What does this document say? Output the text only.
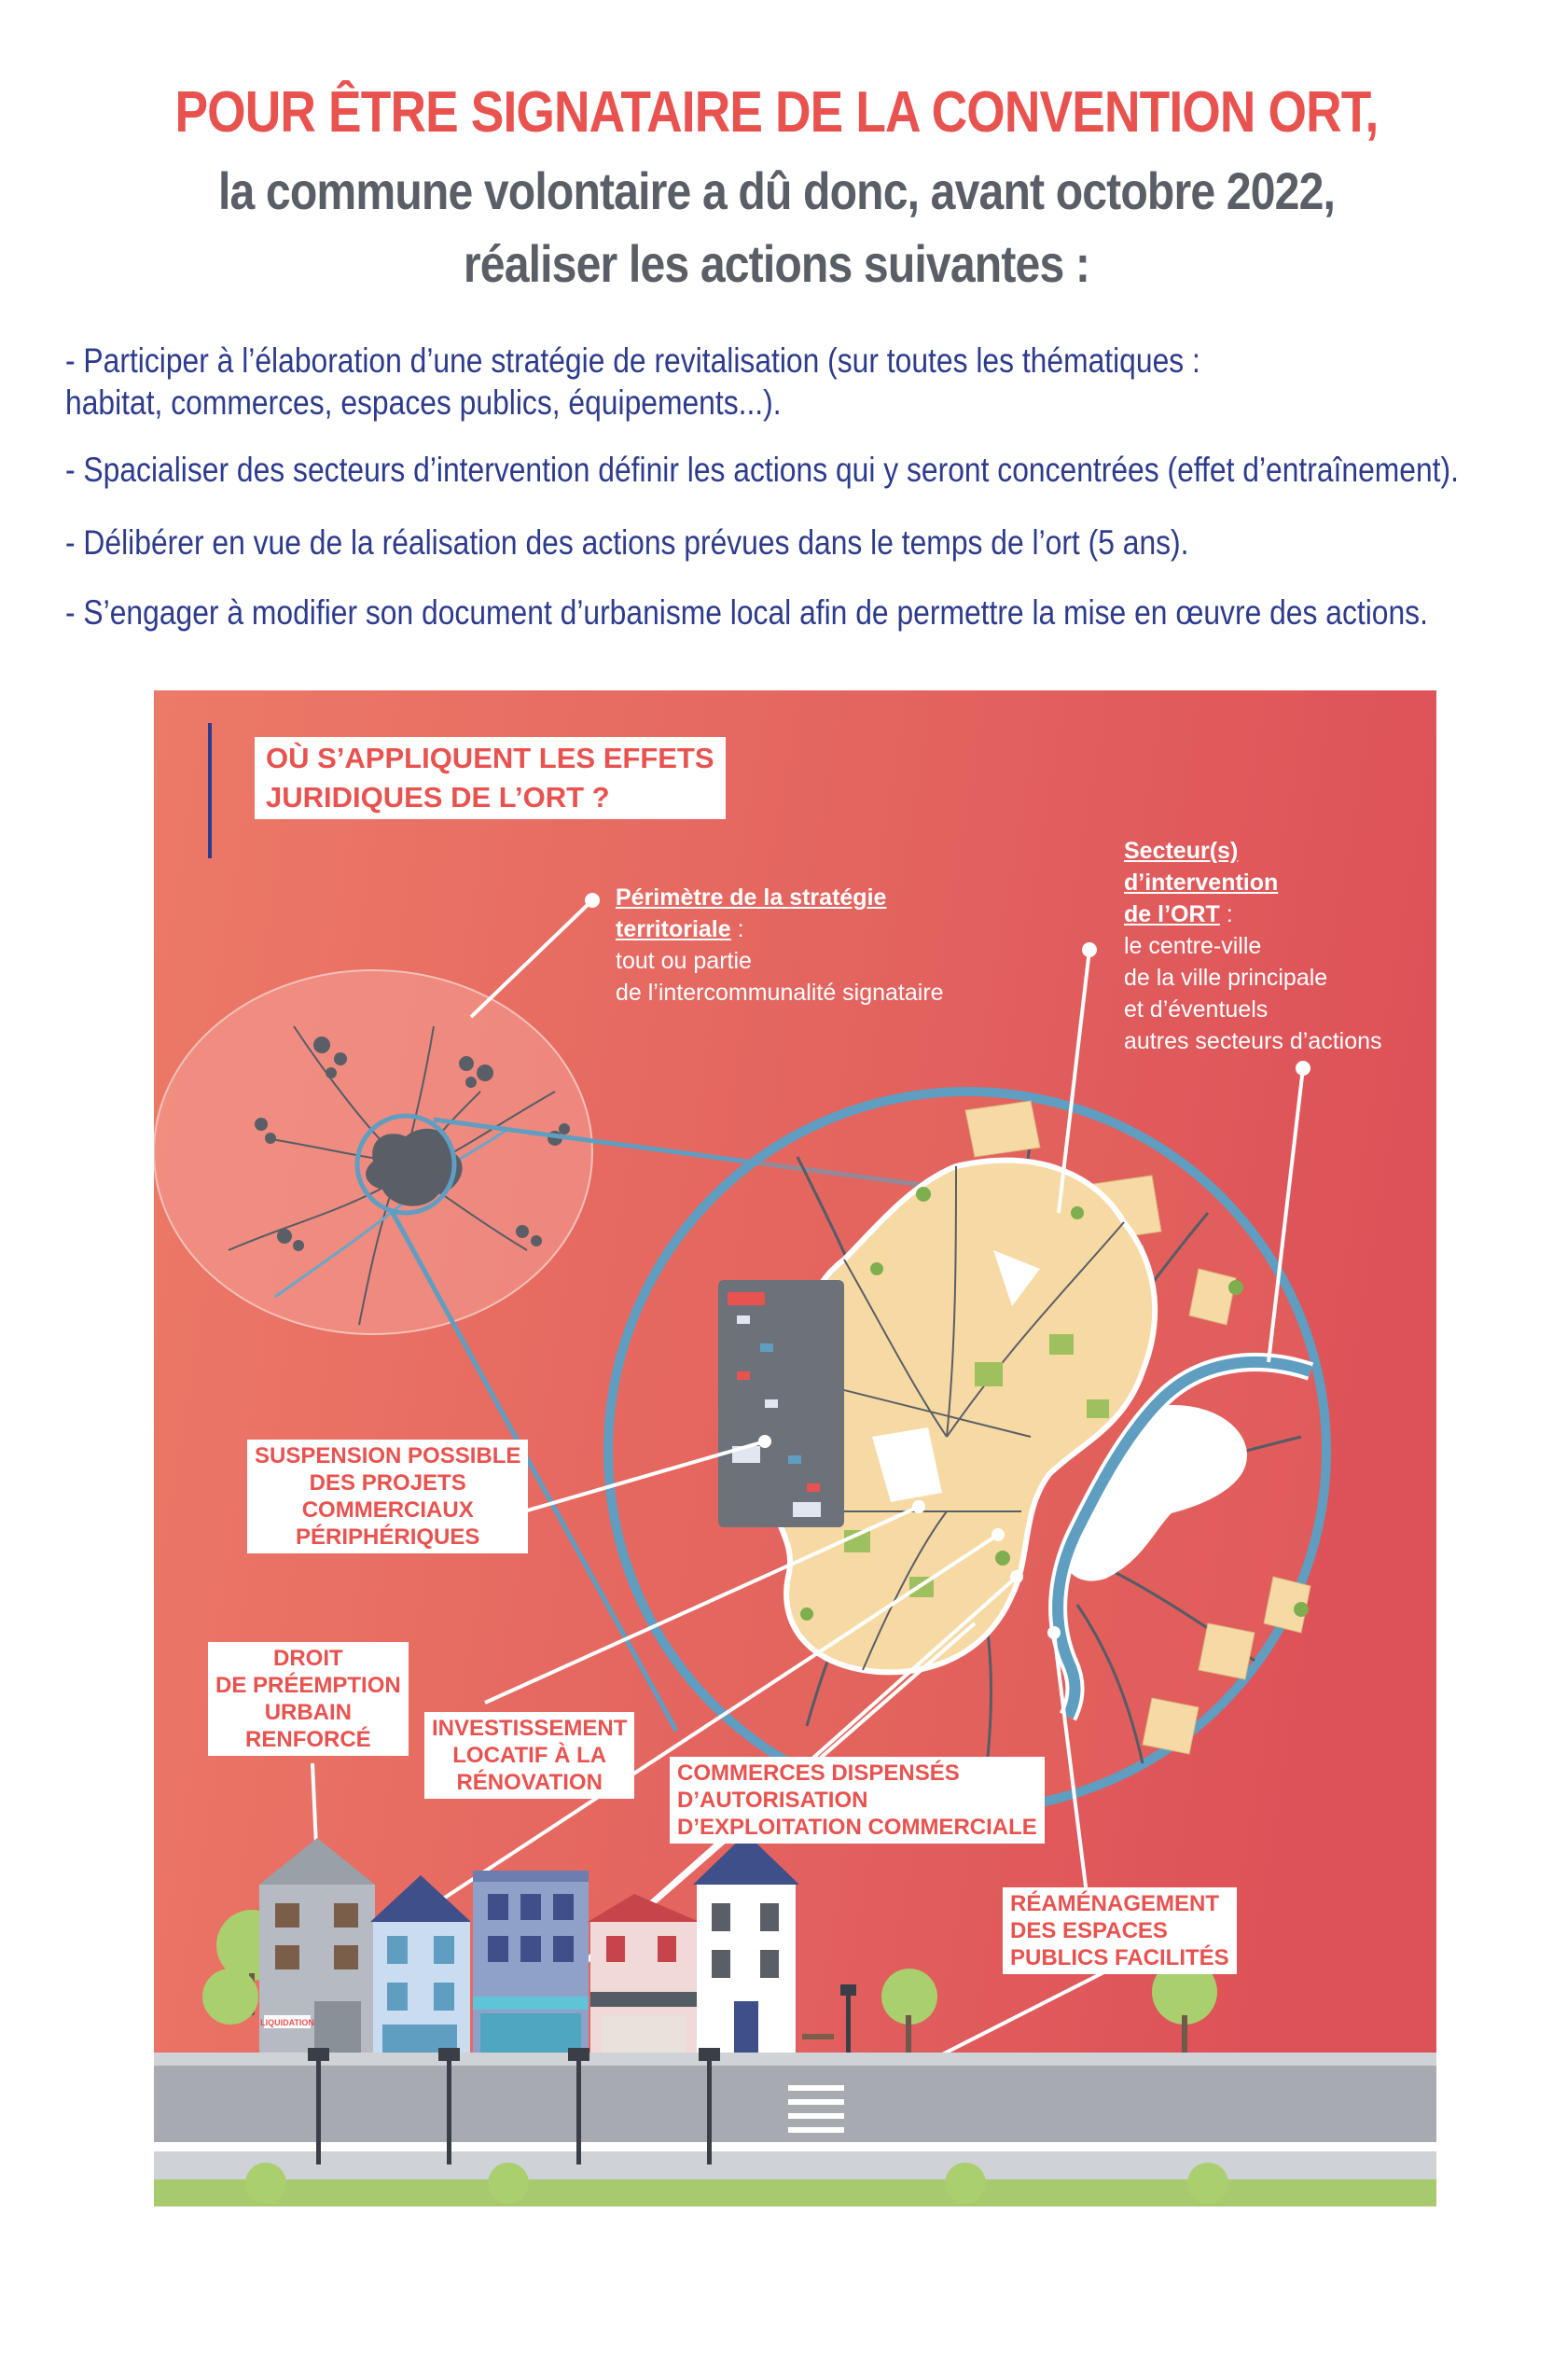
POUR ÊTRE SIGNATAIRE DE LA CONVENTION ORT,
la commune volontaire a dû donc, avant octobre 2022,
réaliser les actions suivantes :
- Participer à l’élaboration d’une stratégie de revitalisation (sur toutes les thématiques :
habitat, commerces, espaces publics, équipements...).
- Spacialiser des secteurs d’intervention définir les actions qui y seront concentrées (effet d’entraînement).
- Délibérer en vue de la réalisation des actions prévues dans le temps de l’ort (5 ans).
- S’engager à modifier son document d’urbanisme local afin de permettre la mise en œuvre des actions.
LIQUIDATION
OÙ S’APPLIQUENT LES EFFETS
JURIDIQUES DE L’ORT ?
Périmètre de la stratégie
territoriale :
tout ou partie
de l’intercommunalité signataire
Secteur(s)
d’intervention
de l’ORT :
le centre-ville
de la ville principale
et d’éventuels
autres secteurs d’actions
SUSPENSION POSSIBLE
DES PROJETS
COMMERCIAUX
PÉRIPHÉRIQUES
DROIT
DE PRÉEMPTION
URBAIN
RENFORCÉ	INVESTISSEMENT
LOCATIF À LA
RÉNOVATION	COMMERCES DISPENSÉS
D’AUTORISATION
D’EXPLOITATION COMMERCIALE
RÉAMÉNAGEMENT
DES ESPACES
PUBLICS FACILITÉS
